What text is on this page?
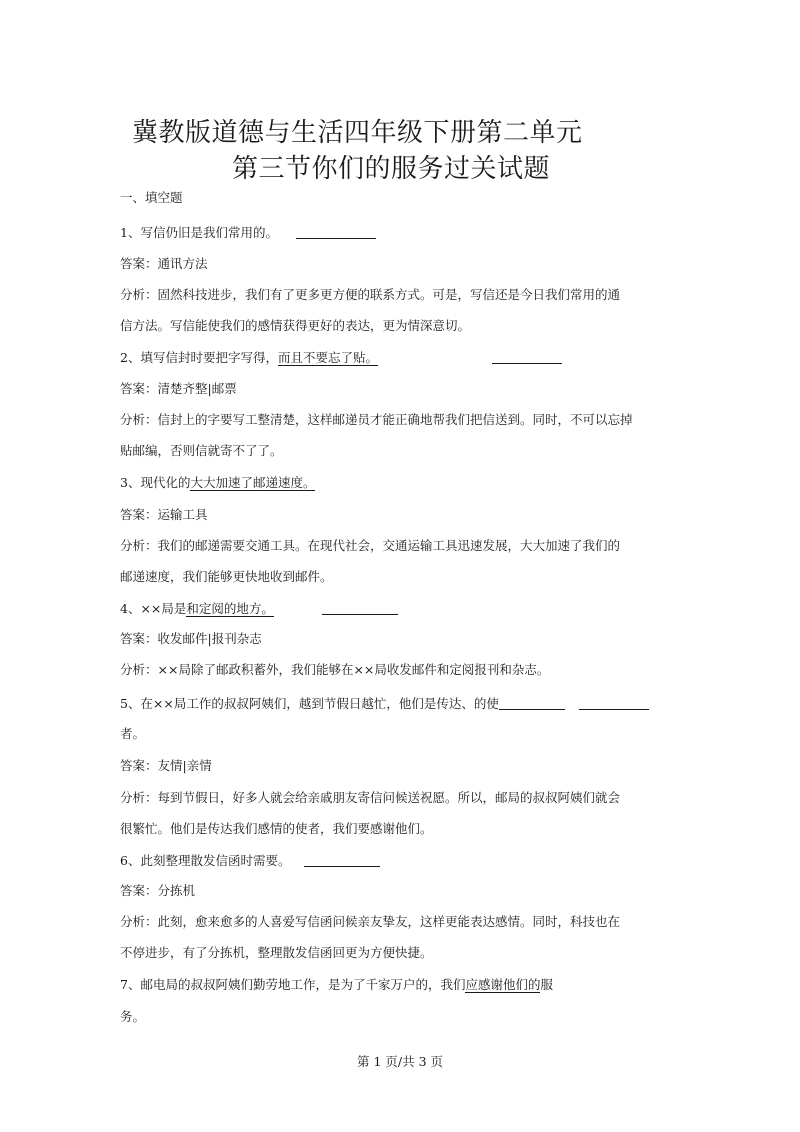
冀教版道德与生活四年级下册第二单元
第三节你们的服务过关试题
一、填空题
1、写信仍旧是我们常用的。
答案：通讯方法
分析：固然科技进步，我们有了更多更方便的联系方式。可是，写信还是今日我们常用的通
信方法。写信能使我们的感情获得更好的表达，更为情深意切。
2、填写信封时要把字写得，而且不要忘了贴。
答案：清楚齐整|邮票
分析：信封上的字要写工整清楚，这样邮递员才能正确地帮我们把信送到。同时，不可以忘掉
贴邮编，否则信就寄不了了。
3、现代化的大大加速了邮递速度。
答案：运输工具
分析：我们的邮递需要交通工具。在现代社会，交通运输工具迅速发展，大大加速了我们的
邮递速度，我们能够更快地收到邮件。
4、××局是和定阅的地方。
答案：收发邮件|报刊杂志
分析：××局除了邮政积蓄外，我们能够在××局收发邮件和定阅报刊和杂志。
5、在××局工作的叔叔阿姨们，越到节假日越忙，他们是传达、的使
者。
答案：友情|亲情
分析：每到节假日，好多人就会给亲戚朋友寄信问候送祝愿。所以，邮局的叔叔阿姨们就会
很繁忙。他们是传达我们感情的使者，我们要感谢他们。
6、此刻整理散发信函时需要。
答案：分拣机
分析：此刻，愈来愈多的人喜爱写信函问候亲友挚友，这样更能表达感情。同时，科技也在
不停进步，有了分拣机，整理散发信函回更为方便快捷。
7、邮电局的叔叔阿姨们勤劳地工作，是为了千家万户的，我们应感谢他们的服
务。
第 1 页/共 3 页
